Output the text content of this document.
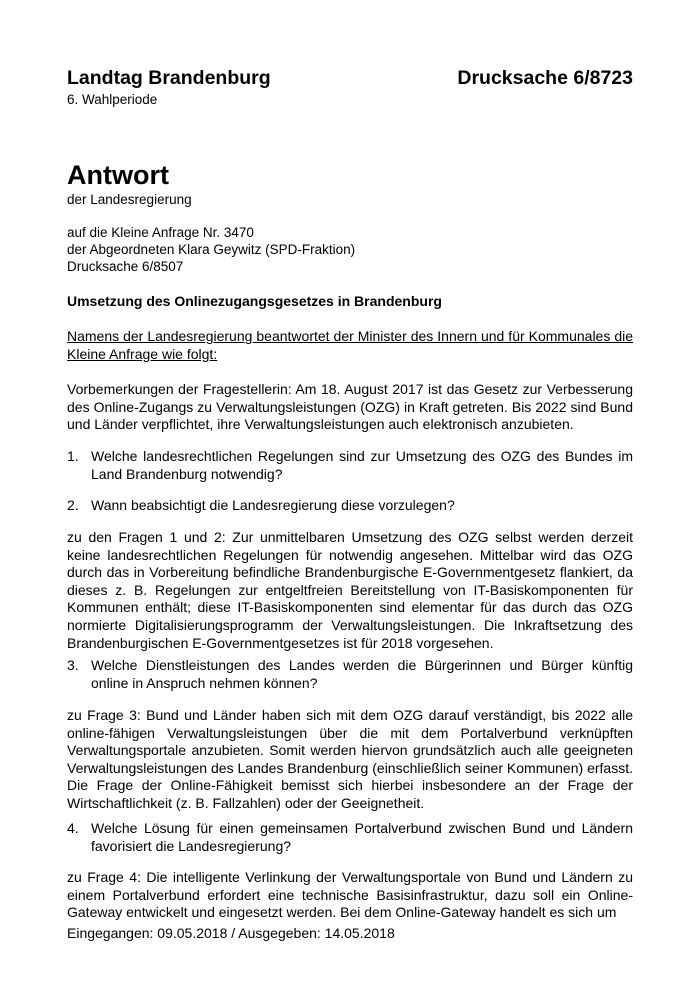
Landtag Brandenburg	Drucksache 6/8723
6. Wahlperiode
Antwort
der Landesregierung
auf die Kleine Anfrage Nr. 3470
der Abgeordneten Klara Geywitz (SPD-Fraktion)
Drucksache 6/8507
Umsetzung des Onlinezugangsgesetzes in Brandenburg
Namens der Landesregierung beantwortet der Minister des Innern und für Kommunales die Kleine Anfrage wie folgt:
Vorbemerkungen der Fragestellerin: Am 18. August 2017 ist das Gesetz zur Verbesserung des Online-Zugangs zu Verwaltungsleistungen (OZG) in Kraft getreten. Bis 2022 sind Bund und Länder verpflichtet, ihre Verwaltungsleistungen auch elektronisch anzubieten.
1. Welche landesrechtlichen Regelungen sind zur Umsetzung des OZG des Bundes im Land Brandenburg notwendig?
2. Wann beabsichtigt die Landesregierung diese vorzulegen?
zu den Fragen 1 und 2: Zur unmittelbaren Umsetzung des OZG selbst werden derzeit keine landesrechtlichen Regelungen für notwendig angesehen. Mittelbar wird das OZG durch das in Vorbereitung befindliche Brandenburgische E-Governmentgesetz flankiert, da dieses z. B. Regelungen zur entgeltfreien Bereitstellung von IT-Basiskomponenten für Kommunen enthält; diese IT-Basiskomponenten sind elementar für das durch das OZG normierte Digitalisierungsprogramm der Verwaltungsleistungen. Die Inkraftsetzung des Brandenburgischen E-Governmentgesetzes ist für 2018 vorgesehen.
3. Welche Dienstleistungen des Landes werden die Bürgerinnen und Bürger künftig online in Anspruch nehmen können?
zu Frage 3: Bund und Länder haben sich mit dem OZG darauf verständigt, bis 2022 alle online-fähigen Verwaltungsleistungen über die mit dem Portalverbund verknüpften Verwaltungsportale anzubieten. Somit werden hiervon grundsätzlich auch alle geeigneten Verwaltungsleistungen des Landes Brandenburg (einschließlich seiner Kommunen) erfasst. Die Frage der Online-Fähigkeit bemisst sich hierbei insbesondere an der Frage der Wirtschaftlichkeit (z. B. Fallzahlen) oder der Geeignetheit.
4. Welche Lösung für einen gemeinsamen Portalverbund zwischen Bund und Ländern favorisiert die Landesregierung?
zu Frage 4: Die intelligente Verlinkung der Verwaltungsportale von Bund und Ländern zu einem Portalverbund erfordert eine technische Basisinfrastruktur, dazu soll ein Online-Gateway entwickelt und eingesetzt werden. Bei dem Online-Gateway handelt es sich um
Eingegangen: 09.05.2018 / Ausgegeben: 14.05.2018
